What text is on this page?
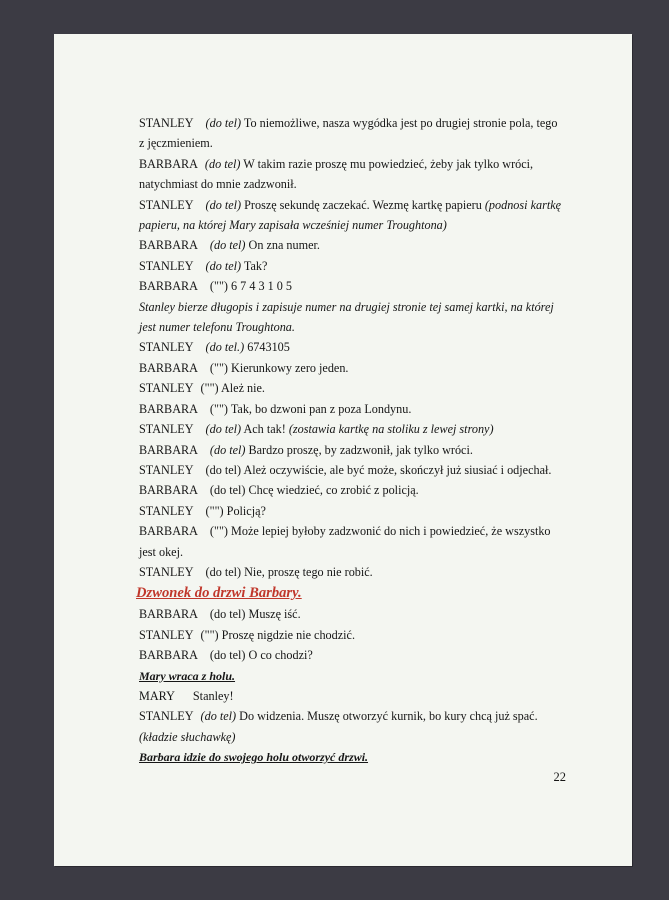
STANLEY (do tel) To niemożliwe, nasza wygódka jest po drugiej stronie pola, tego
z jęczmieniem.
BARBARA (do tel) W takim razie proszę mu powiedzieć, żeby jak tylko wróci,
natychmiast do mnie zadzwonił.
STANLEY (do tel) Proszę sekundę zaczekać. Wezmę kartkę papieru (podnosi kartkę
papieru, na której Mary zapisała wcześniej numer Troughtona)
BARBARA (do tel) On zna numer.
STANLEY (do tel) Tak?
BARBARA ("") 6 7 4 3 1 0 5
Stanley bierze długopis i zapisuje numer na drugiej stronie tej samej kartki, na której
jest numer telefonu Troughtona.
STANLEY (do tel.) 6743105
BARBARA ("") Kierunkowy zero jeden.
STANLEY ("") Ależ nie.
BARBARA ("") Tak, bo dzwoni pan z poza Londynu.
STANLEY (do tel) Ach tak! (zostawia kartkę na stoliku z lewej strony)
BARBARA (do tel) Bardzo proszę, by zadzwonił, jak tylko wróci.
STANLEY (do tel) Ależ oczywiście, ale być może, skończył już siusiać i odjechał.
BARBARA (do tel) Chcę wiedzieć, co zrobić z policją.
STANLEY ("") Policją?
BARBARA ("") Może lepiej byłoby zadzwonić do nich i powiedzieć, że wszystko
jest okej.
STANLEY (do tel) Nie, proszę tego nie robić.
Dzwonek do drzwi Barbary.
BARBARA (do tel) Muszę iść.
STANLEY ("") Proszę nigdzie nie chodzić.
BARBARA (do tel) O co chodzi?
Mary wraca z holu.
MARY Stanley!
STANLEY (do tel) Do widzenia. Muszę otworzyć kurnik, bo kury chcą już spać.
(kładzie słuchawkę)
Barbara idzie do swojego holu otworzyć drzwi.
22
